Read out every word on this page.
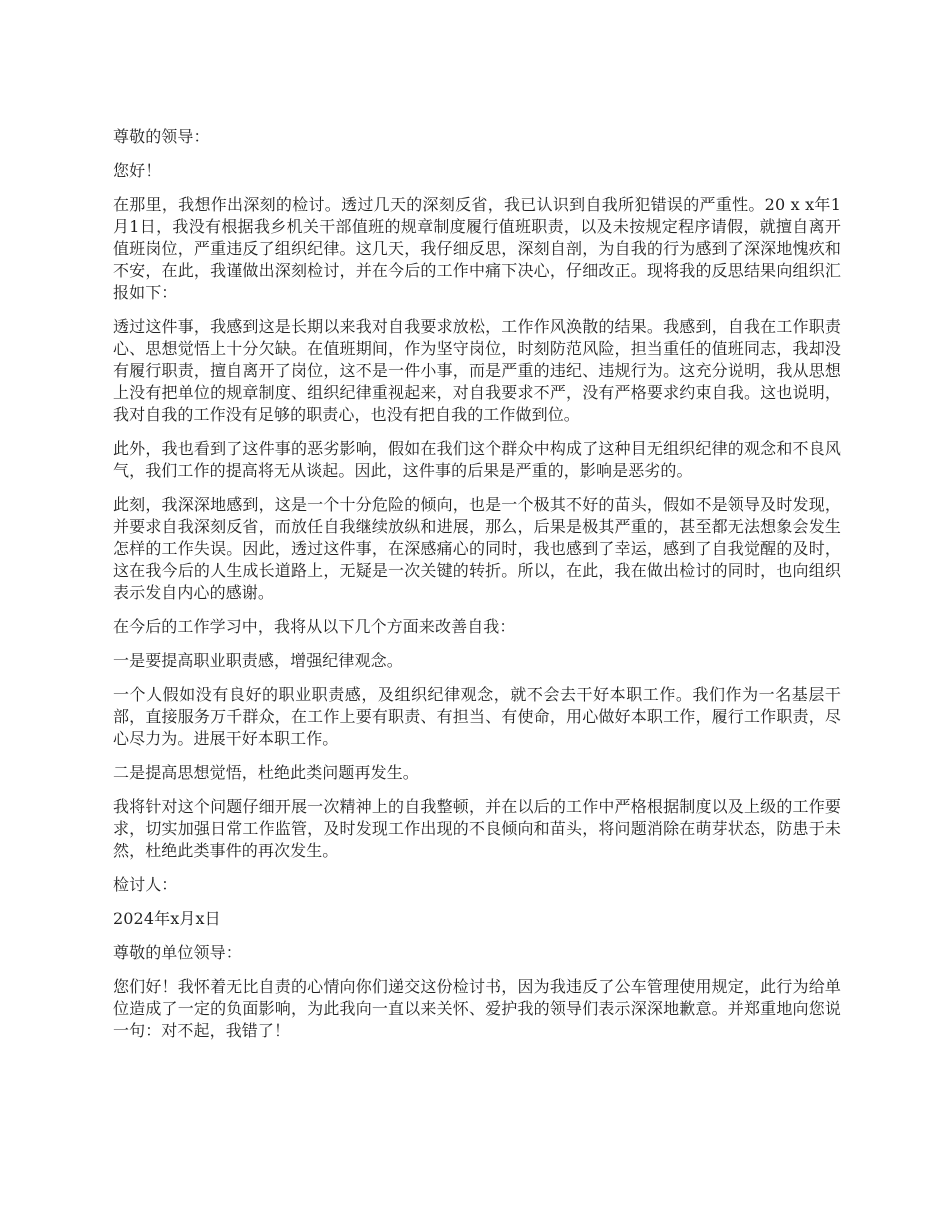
尊敬的领导：

您好！

在那里，我想作出深刻的检讨。透过几天的深刻反省，我已认识到自我所犯错误的严重性。20 x x年1月1日，我没有根据我乡机关干部值班的规章制度履行值班职责，以及未按规定程序请假，就擅自离开值班岗位，严重违反了组织纪律。这几天，我仔细反思，深刻自剖，为自我的行为感到了深深地愧疚和不安，在此，我谨做出深刻检讨，并在今后的工作中痛下决心，仔细改正。现将我的反思结果向组织汇报如下：

透过这件事，我感到这是长期以来我对自我要求放松，工作作风涣散的结果。我感到，自我在工作职责心、思想觉悟上十分欠缺。在值班期间，作为坚守岗位，时刻防范风险，担当重任的值班同志，我却没有履行职责，擅自离开了岗位，这不是一件小事，而是严重的违纪、违规行为。这充分说明，我从思想上没有把单位的规章制度、组织纪律重视起来，对自我要求不严，没有严格要求约束自我。这也说明，我对自我的工作没有足够的职责心，也没有把自我的工作做到位。

此外，我也看到了这件事的恶劣影响，假如在我们这个群众中构成了这种目无组织纪律的观念和不良风气，我们工作的提高将无从谈起。因此，这件事的后果是严重的，影响是恶劣的。

此刻，我深深地感到，这是一个十分危险的倾向，也是一个极其不好的苗头，假如不是领导及时发现，并要求自我深刻反省，而放任自我继续放纵和进展，那么，后果是极其严重的，甚至都无法想象会发生怎样的工作失误。因此，透过这件事，在深感痛心的同时，我也感到了幸运，感到了自我觉醒的及时，这在我今后的人生成长道路上，无疑是一次关键的转折。所以，在此，我在做出检讨的同时，也向组织表示发自内心的感谢。

在今后的工作学习中，我将从以下几个方面来改善自我：

一是要提高职业职责感，增强纪律观念。

一个人假如没有良好的职业职责感，及组织纪律观念，就不会去干好本职工作。我们作为一名基层干部，直接服务万千群众，在工作上要有职责、有担当、有使命，用心做好本职工作，履行工作职责，尽心尽力为。进展干好本职工作。

二是提高思想觉悟，杜绝此类问题再发生。

我将针对这个问题仔细开展一次精神上的自我整顿，并在以后的工作中严格根据制度以及上级的工作要求，切实加强日常工作监管，及时发现工作出现的不良倾向和苗头，将问题消除在萌芽状态，防患于未然，杜绝此类事件的再次发生。

检讨人：

2024年x月x日

尊敬的单位领导：

您们好！我怀着无比自责的心情向你们递交这份检讨书，因为我违反了公车管理使用规定，此行为给单位造成了一定的负面影响，为此我向一直以来关怀、爱护我的领导们表示深深地歉意。并郑重地向您说一句：对不起，我错了！
